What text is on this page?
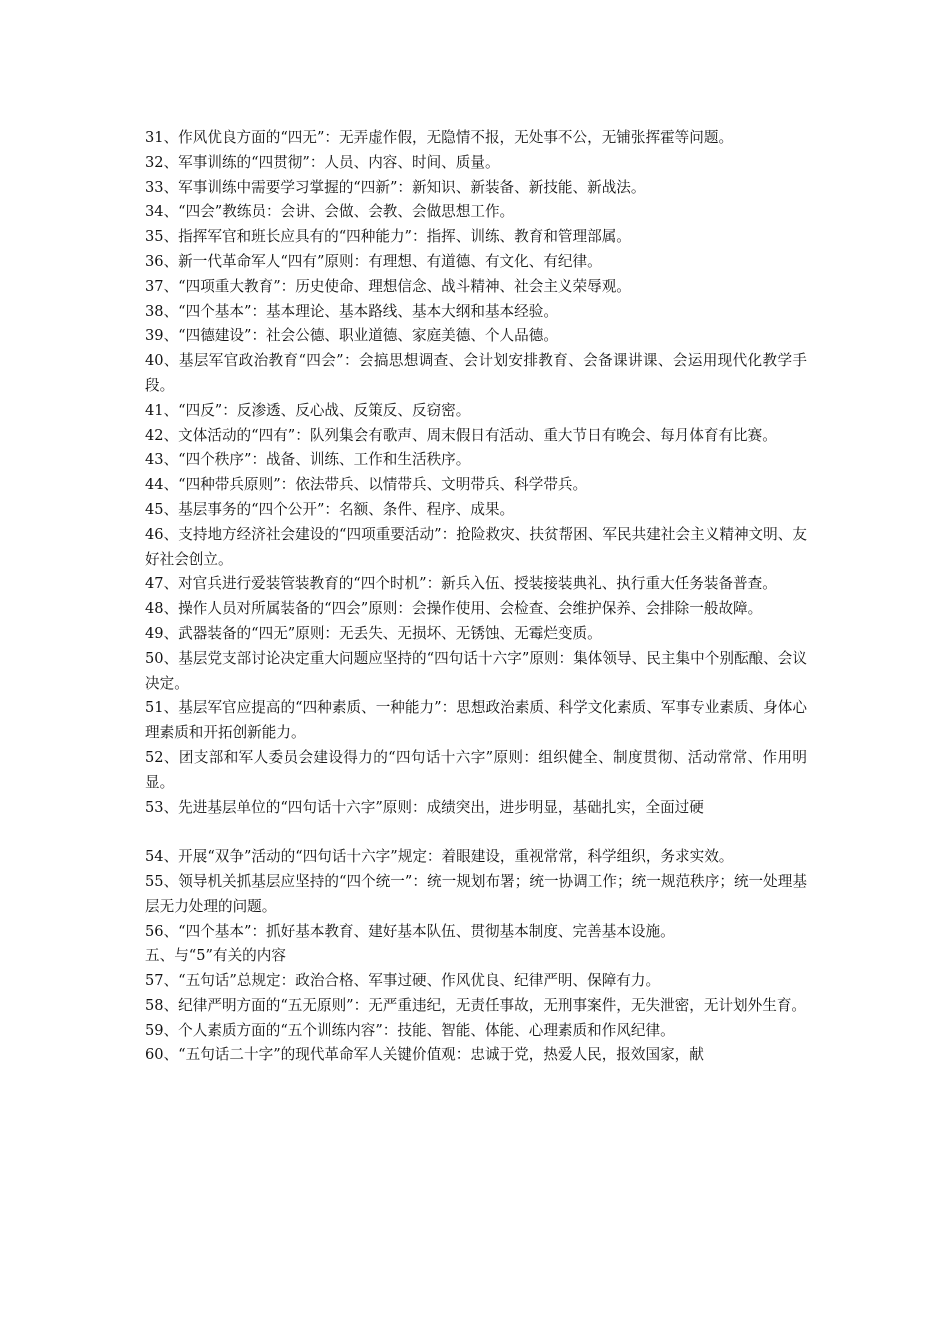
31、作风优良方面的“四无”：无弄虚作假，无隐情不报，无处事不公，无铺张挥霍等问题。

32、军事训练的“四贯彻”：人员、内容、时间、质量。

33、军事训练中需要学习掌握的“四新”：新知识、新装备、新技能、新战法。

34、“四会”教练员：会讲、会做、会教、会做思想工作。

35、指挥军官和班长应具有的“四种能力”：指挥、训练、教育和管理部属。

36、新一代革命军人“四有”原则：有理想、有道德、有文化、有纪律。

37、“四项重大教育”：历史使命、理想信念、战斗精神、社会主义荣辱观。

38、“四个基本”：基本理论、基本路线、基本大纲和基本经验。

39、“四德建设”：社会公德、职业道德、家庭美德、个人品德。

40、基层军官政治教育“四会”：会搞思想调查、会计划安排教育、会备课讲课、会运用现代化教学手段。

41、“四反”：反渗透、反心战、反策反、反窃密。

42、文体活动的“四有”：队列集会有歌声、周末假日有活动、重大节日有晚会、每月体育有比赛。

43、“四个秩序”：战备、训练、工作和生活秩序。

44、“四种带兵原则”：依法带兵、以情带兵、文明带兵、科学带兵。

45、基层事务的“四个公开”：名额、条件、程序、成果。

46、支持地方经济社会建设的“四项重要活动”：抢险救灾、扶贫帮困、军民共建社会主义精神文明、友好社会创立。

47、对官兵进行爱装管装教育的“四个时机”：新兵入伍、授装接装典礼、执行重大任务装备普查。

48、操作人员对所属装备的“四会”原则：会操作使用、会检查、会维护保养、会排除一般故障。

49、武器装备的“四无”原则：无丢失、无损坏、无锈蚀、无霉烂变质。

50、基层党支部讨论决定重大问题应坚持的“四句话十六字”原则：集体领导、民主集中个别酝酿、会议决定。

51、基层军官应提高的“四种素质、一种能力”：思想政治素质、科学文化素质、军事专业素质、身体心理素质和开拓创新能力。

52、团支部和军人委员会建设得力的“四句话十六字”原则：组织健全、制度贯彻、活动常常、作用明显。

53、先进基层单位的“四句话十六字”原则：成绩突出，进步明显，基础扎实，全面过硬

54、开展“双争”活动的“四句话十六字”规定：着眼建设，重视常常，科学组织，务求实效。

55、领导机关抓基层应坚持的“四个统一”：统一规划布署；统一协调工作；统一规范秩序；统一处理基层无力处理的问题。

56、“四个基本”：抓好基本教育、建好基本队伍、贯彻基本制度、完善基本设施。

五、与“5”有关的内容

57、“五句话”总规定：政治合格、军事过硬、作风优良、纪律严明、保障有力。

58、纪律严明方面的“五无原则”：无严重违纪，无责任事故，无刑事案件，无失泄密，无计划外生育。

59、个人素质方面的“五个训练内容”：技能、智能、体能、心理素质和作风纪律。

60、“五句话二十字”的现代革命军人关键价值观：忠诚于党，热爱人民，报效国家，献
